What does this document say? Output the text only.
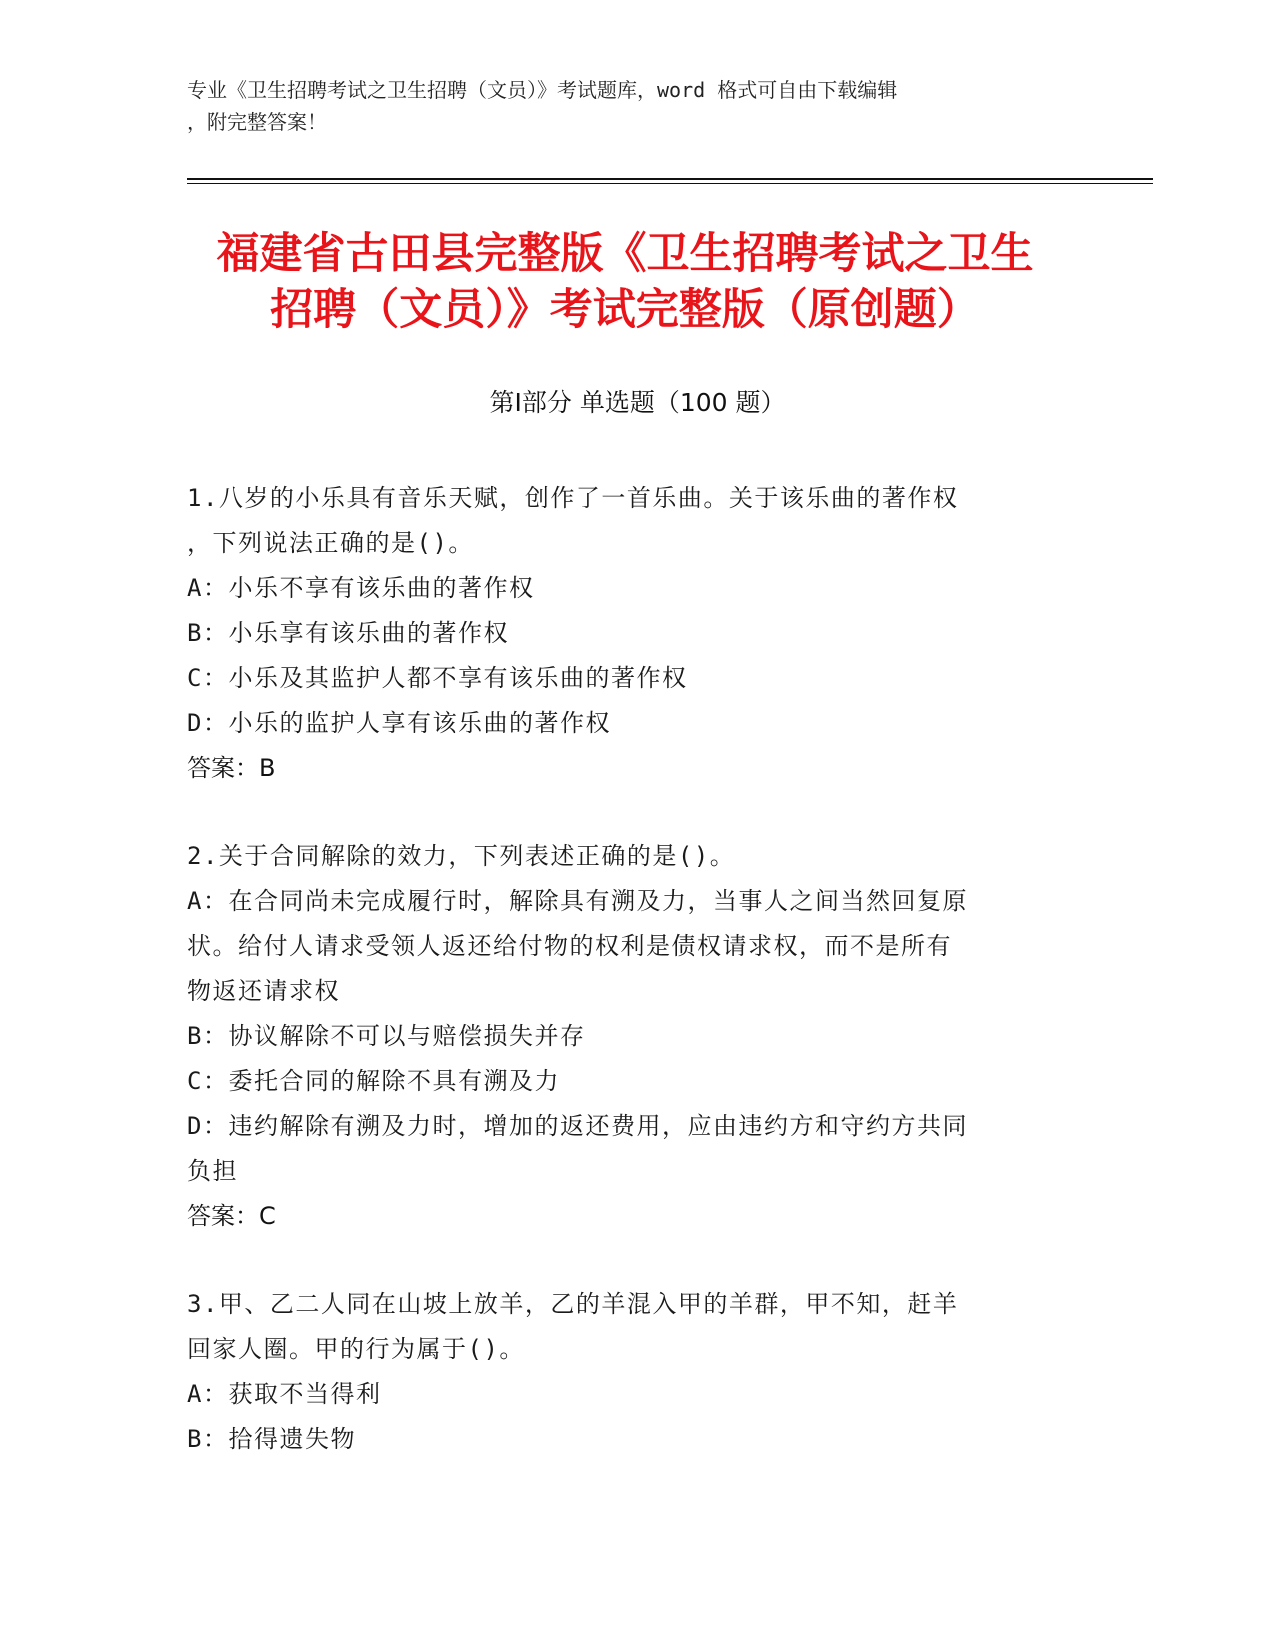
专业《卫生招聘考试之卫生招聘（文员）》考试题库，word 格式可自由下载编辑
，附完整答案！
福建省古田县完整版《卫生招聘考试之卫生
招聘（文员）》考试完整版（原创题）
第Ⅰ部分 单选题（100 题）
1.八岁的小乐具有音乐天赋，创作了一首乐曲。关于该乐曲的著作权
，下列说法正确的是()。
A：小乐不享有该乐曲的著作权
B：小乐享有该乐曲的著作权
C：小乐及其监护人都不享有该乐曲的著作权
D：小乐的监护人享有该乐曲的著作权
答案：B
2.关于合同解除的效力，下列表述正确的是()。
A：在合同尚未完成履行时，解除具有溯及力，当事人之间当然回复原
状。给付人请求受领人返还给付物的权利是债权请求权，而不是所有
物返还请求权
B：协议解除不可以与赔偿损失并存
C：委托合同的解除不具有溯及力
D：违约解除有溯及力时，增加的返还费用，应由违约方和守约方共同
负担
答案：C
3.甲、乙二人同在山坡上放羊，乙的羊混入甲的羊群，甲不知，赶羊
回家人圈。甲的行为属于()。
A：获取不当得利
B：拾得遗失物
